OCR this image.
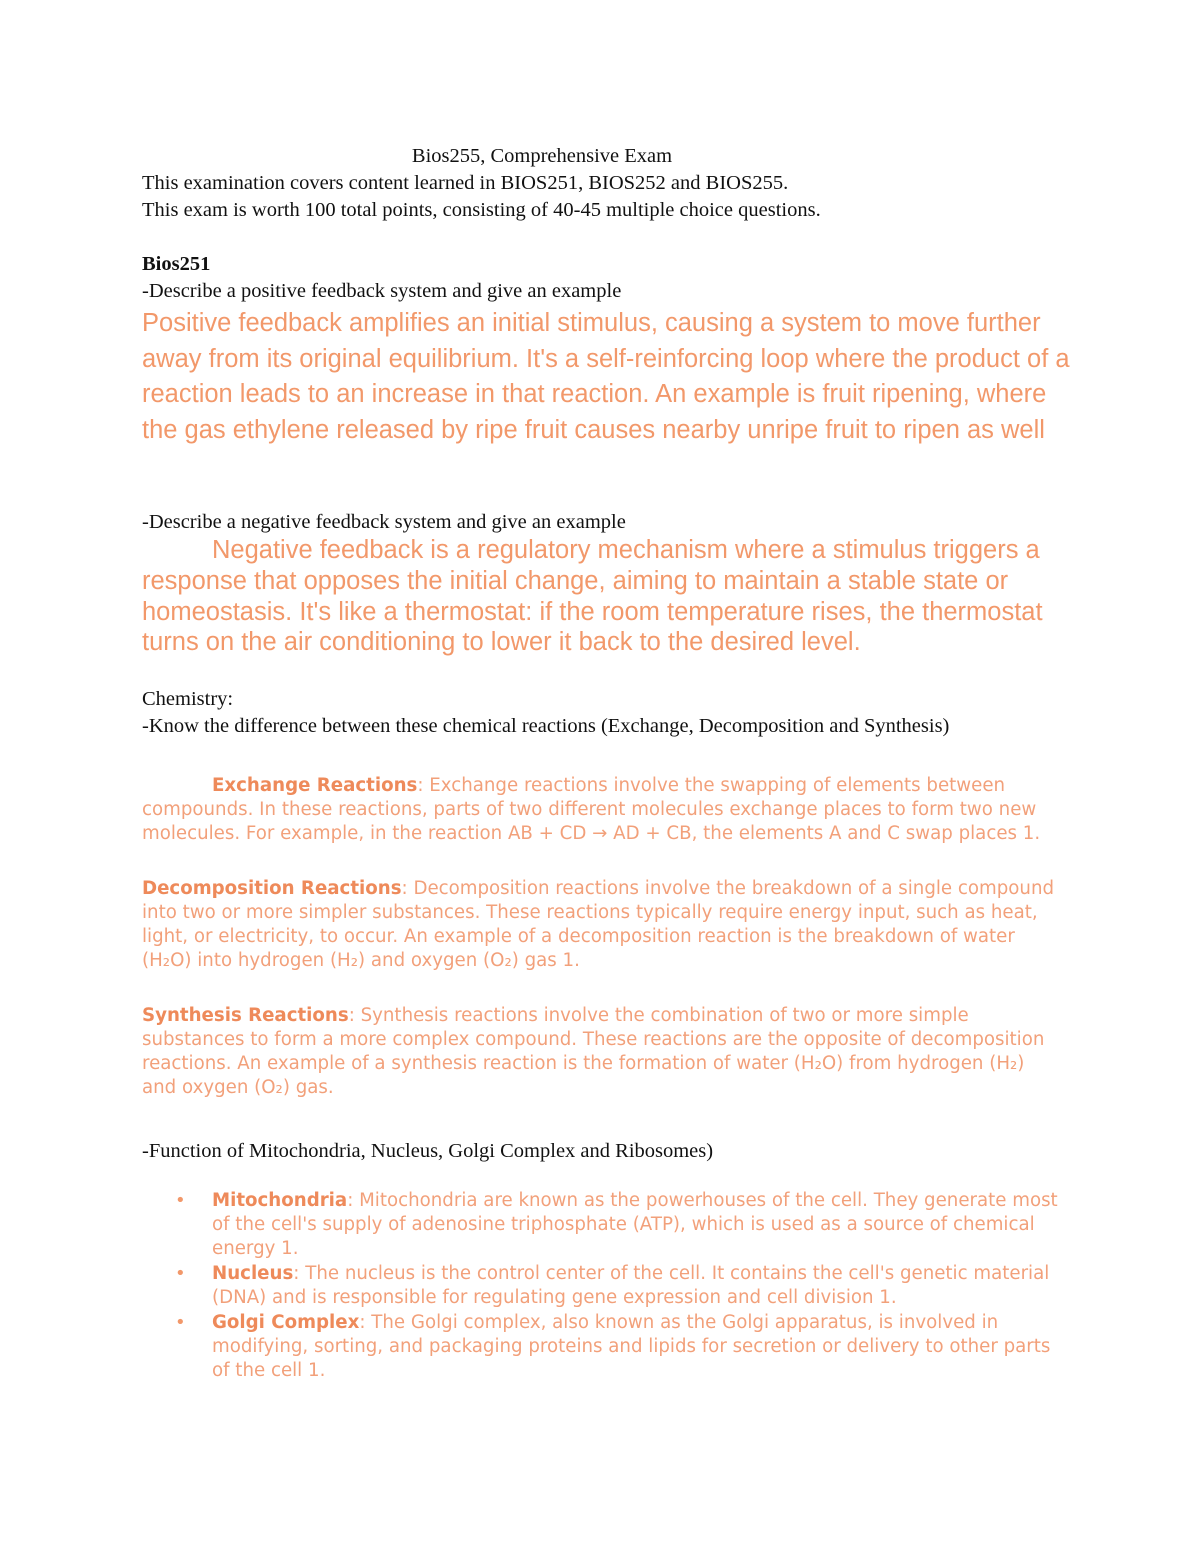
Bios255, Comprehensive Exam

This examination covers content learned in BIOS251, BIOS252 and BIOS255.

This exam is worth 100 total points, consisting of 40-45 multiple choice questions.

Bios251

-Describe a positive feedback system and give an example

Positive feedback amplifies an initial stimulus, causing a system to move further away from its original equilibrium. It's a self-reinforcing loop where the product of a reaction leads to an increase in that reaction. An example is fruit ripening, where the gas ethylene released by ripe fruit causes nearby unripe fruit to ripen as well

-Describe a negative feedback system and give an example

Negative feedback is a regulatory mechanism where a stimulus triggers a response that opposes the initial change, aiming to maintain a stable state or homeostasis. It's like a thermostat: if the room temperature rises, the thermostat turns on the air conditioning to lower it back to the desired level.

Chemistry:

-Know the difference between these chemical reactions (Exchange, Decomposition and Synthesis)

Exchange Reactions: Exchange reactions involve the swapping of elements between compounds. In these reactions, parts of two different molecules exchange places to form two new molecules. For example, in the reaction AB + CD → AD + CB, the elements A and C swap places 1.

Decomposition Reactions: Decomposition reactions involve the breakdown of a single compound into two or more simpler substances. These reactions typically require energy input, such as heat, light, or electricity, to occur. An example of a decomposition reaction is the breakdown of water (H₂O) into hydrogen (H₂) and oxygen (O₂) gas 1.

Synthesis Reactions: Synthesis reactions involve the combination of two or more simple substances to form a more complex compound. These reactions are the opposite of decomposition reactions. An example of a synthesis reaction is the formation of water (H₂O) from hydrogen (H₂) and oxygen (O₂) gas.

-Function of Mitochondria, Nucleus, Golgi Complex and Ribosomes)

• Mitochondria: Mitochondria are known as the powerhouses of the cell. They generate most of the cell's supply of adenosine triphosphate (ATP), which is used as a source of chemical energy 1.
• Nucleus: The nucleus is the control center of the cell. It contains the cell's genetic material (DNA) and is responsible for regulating gene expression and cell division 1.
• Golgi Complex: The Golgi complex, also known as the Golgi apparatus, is involved in modifying, sorting, and packaging proteins and lipids for secretion or delivery to other parts of the cell 1.
